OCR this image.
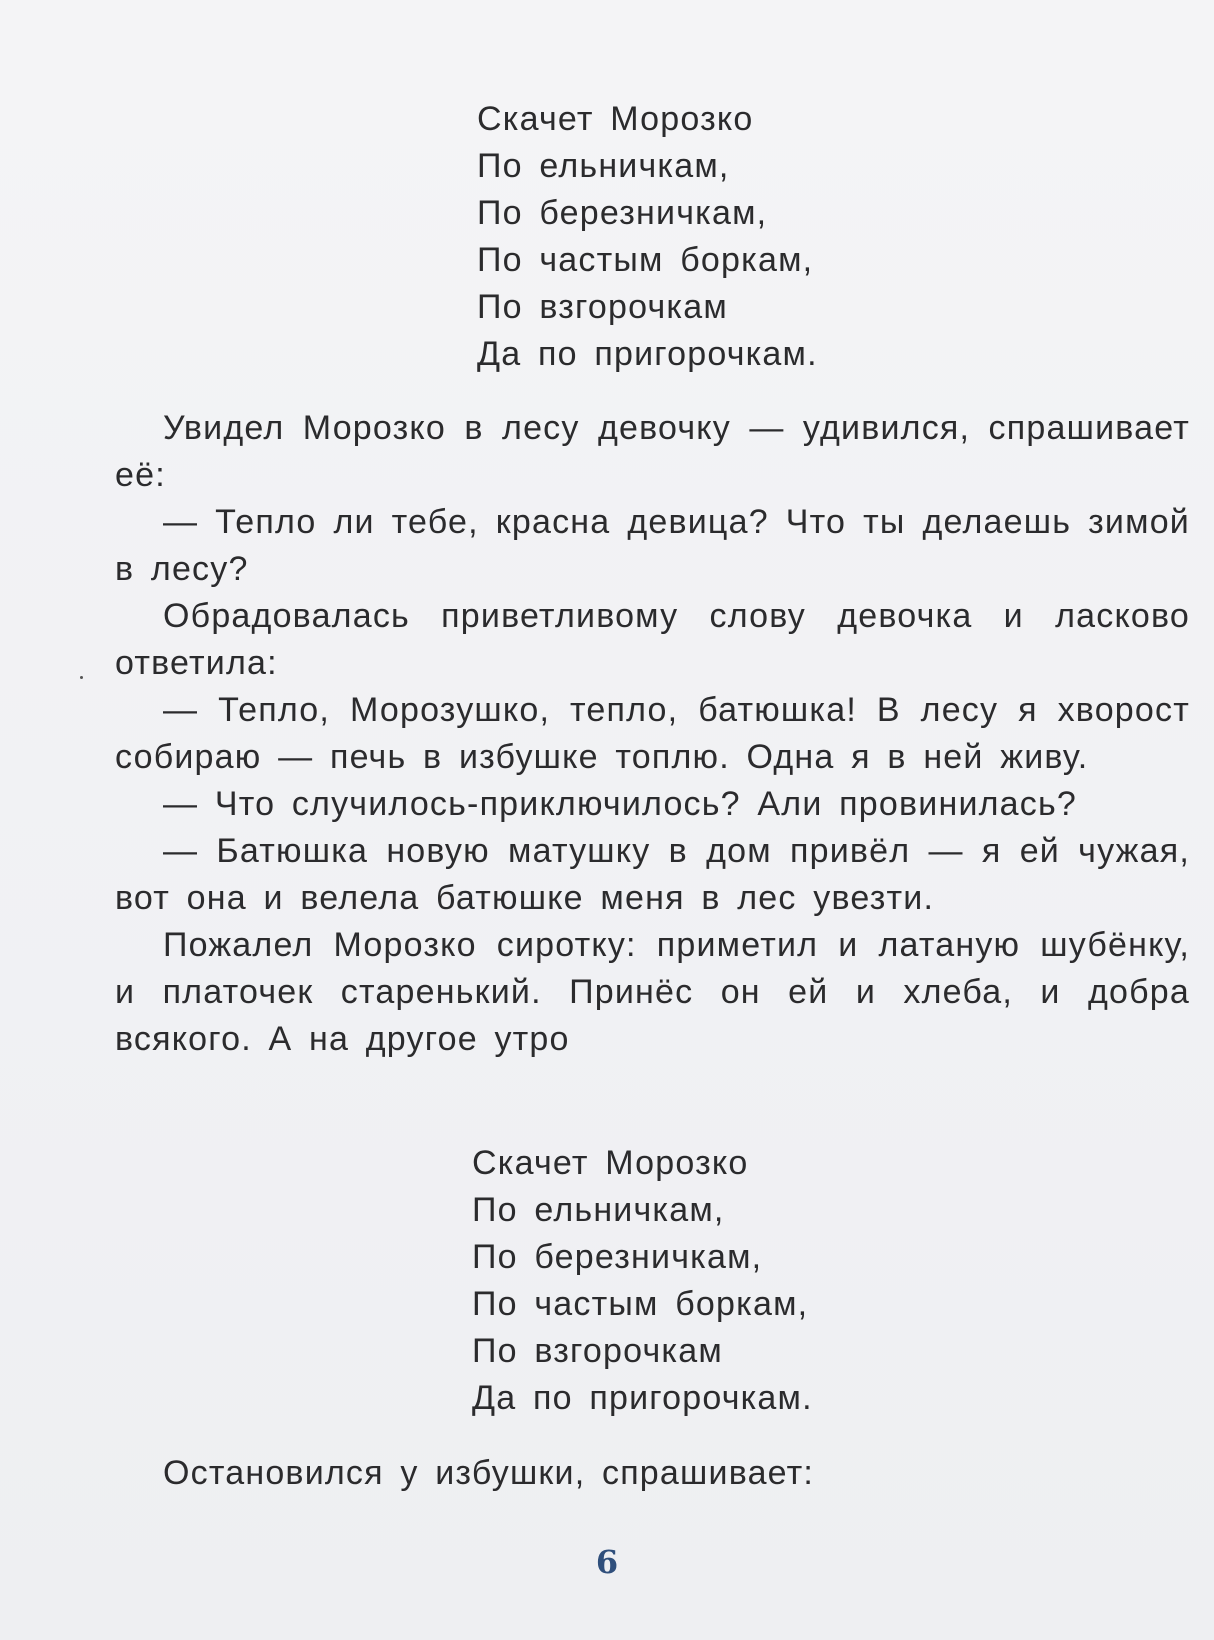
Скачет Морозко
По ельничкам,
По березничкам,
По частым боркам,
По взгорочкам
Да по пригорочкам.

Увидел Морозко в лесу девочку — удивился, спрашивает её:

— Тепло ли тебе, красна девица? Что ты делаешь зимой в лесу?

Обрадовалась приветливому слову девочка и ласково ответила:

— Тепло, Морозушко, тепло, батюшка! В лесу я хворост собираю — печь в избушке топлю. Одна я в ней живу.

— Что случилось-приключилось? Али провинилась?

— Батюшка новую матушку в дом привёл — я ей чужая, вот она и велела батюшке меня в лес увезти.

Пожалел Морозко сиротку: приметил и латаную шубёнку, и платочек старенький. Принёс он ей и хлеба, и добра всякого. А на другое утро

Скачет Морозко
По ельничкам,
По березничкам,
По частым боркам,
По взгорочкам
Да по пригорочкам.

Остановился у избушки, спрашивает:

6
